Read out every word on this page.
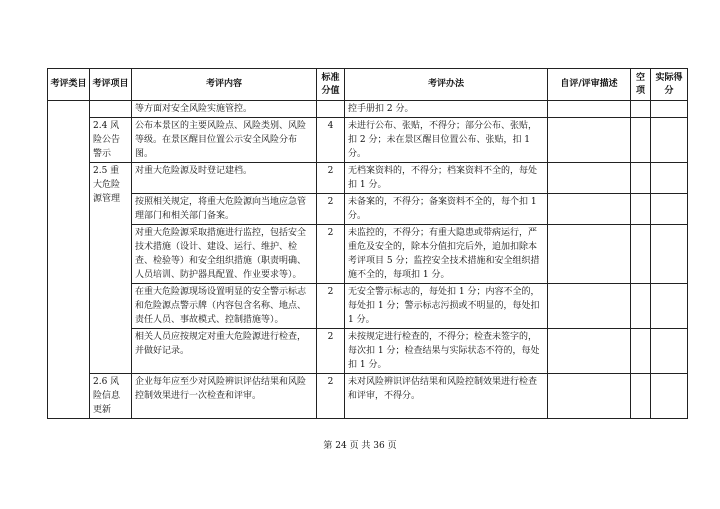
考评类目	考评项目	考评内容	标准分值	考评办法	自评/评审描述	空项	实际得分
		等方面对安全风险实施管控。		控手册扣 2 分。			
	2.4 风险公告警示	公布本景区的主要风险点、风险类别、风险等级。在景区醒目位置公示安全风险分布图。	4	未进行公布、张贴，不得分；部分公布、张贴，扣 2 分；未在景区醒目位置公布、张贴，扣 1 分。			
	2.5 重大危险源管理	对重大危险源及时登记建档。	2	无档案资料的，不得分；档案资料不全的，每处扣 1 分。			
		按照相关规定，将重大危险源向当地应急管理部门和相关部门备案。	2	未备案的，不得分；备案资料不全的，每个扣 1 分。			
		对重大危险源采取措施进行监控，包括安全技术措施（设计、建设、运行、维护、检查、检验等）和安全组织措施（职责明确、人员培训、防护器具配置、作业要求等）。	2	未监控的，不得分；有重大隐患或带病运行，严重危及安全的，除本分值扣完后外，追加扣除本考评项目 5 分；监控安全技术措施和安全组织措施不全的，每项扣 1 分。			
		在重大危险源现场设置明显的安全警示标志和危险源点警示牌（内容包含名称、地点、责任人员、事故模式、控制措施等）。	2	无安全警示标志的，每处扣 1 分；内容不全的，每处扣 1 分；警示标志污损或不明显的，每处扣 1 分。			
		相关人员应按规定对重大危险源进行检查，并做好记录。	2	未按规定进行检查的，不得分；检查未签字的，每次扣 1 分；检查结果与实际状态不符的，每处扣 1 分。			
	2.6 风险信息更新	企业每年应至少对风险辨识评估结果和风险控制效果进行一次检查和评审。	2	未对风险辨识评估结果和风险控制效果进行检查和评审，不得分。			
第 24 页 共 36 页
